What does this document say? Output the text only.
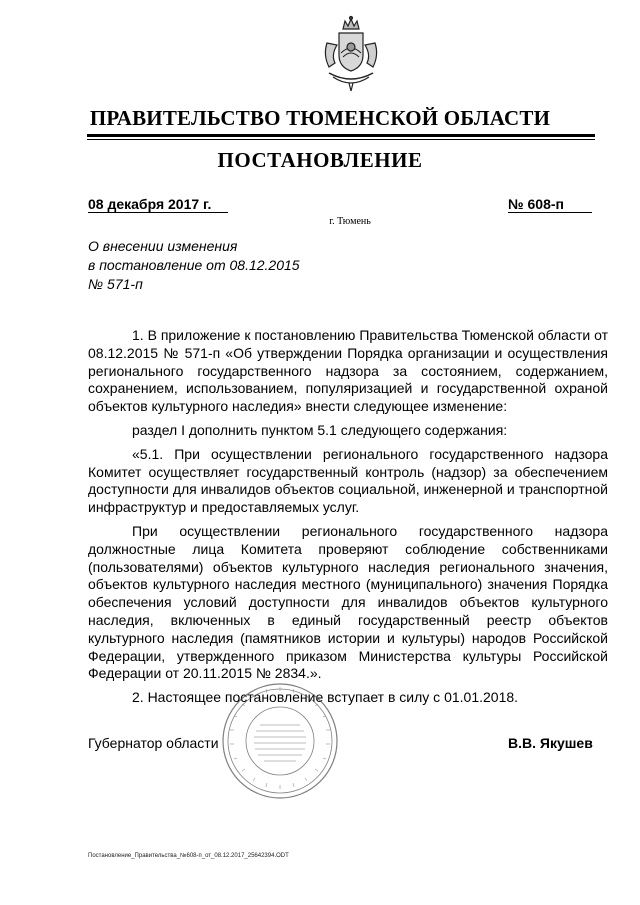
ПРАВИТЕЛЬСТВО ТЮМЕНСКОЙ ОБЛАСТИ
ПОСТАНОВЛЕНИЕ
08 декабря 2017 г.	№ 608-п
г. Тюмень
О внесении изменения
в постановление от 08.12.2015
№ 571-п

1. В приложение к постановлению Правительства Тюменской области от 08.12.2015 № 571-п «Об утверждении Порядка организации и осуществления регионального государственного надзора за состоянием, содержанием, сохранением, использованием, популяризацией и государственной охраной объектов культурного наследия» внести следующее изменение:

раздел I дополнить пунктом 5.1 следующего содержания:

«5.1. При осуществлении регионального государственного надзора Комитет осуществляет государственный контроль (надзор) за обеспечением доступности для инвалидов объектов социальной, инженерной и транспортной инфраструктур и предоставляемых услуг.

При осуществлении регионального государственного надзора должностные лица Комитета проверяют соблюдение собственниками (пользователями) объектов культурного наследия регионального значения, объектов культурного наследия местного (муниципального) значения Порядка обеспечения условий доступности для инвалидов объектов культурного наследия, включенных в единый государственный реестр объектов культурного наследия (памятников истории и культуры) народов Российской Федерации, утвержденного приказом Министерства культуры Российской Федерации от 20.11.2015 № 2834.».

2. Настоящее постановление вступает в силу с 01.01.2018.

Губернатор области	В.В. Якушев
Постановление_Правительства_№608-п_от_08.12.2017_25642394.ODT
